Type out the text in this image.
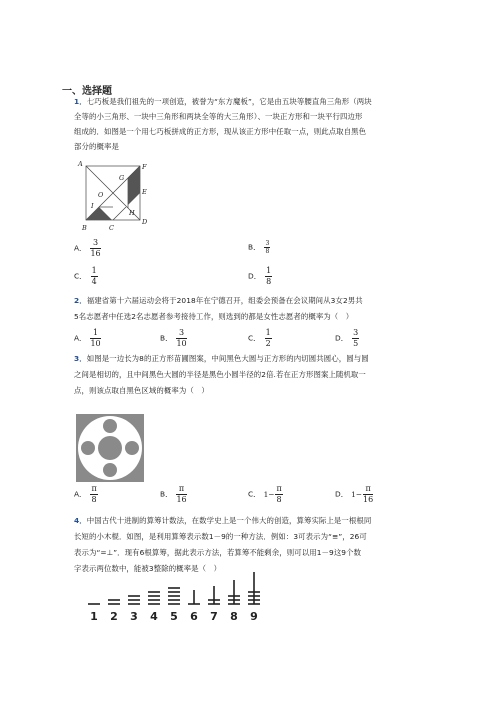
一、选择题
1．七巧板是我们祖先的一项创造，被誉为“东方魔板”，它是由五块等腰直角三角形（两块
全等的小三角形、一块中三角形和两块全等的大三角形）、一块正方形和一块平行四边形
组成的．如图是一个用七巧板拼成的正方形，现从该正方形中任取一点，则此点取自黑色
部分的概率是
A	F
G
E
O
I
H
B	C
D
A． $\frac{3}{16}$	B． $\frac{3}{8}$
C． $\frac{1}{4}$	D． $\frac{1}{8}$
2．福建省第十六届运动会将于2018年在宁德召开，组委会预备在会议期间从3女2男共
5名志愿者中任选2名志愿者参考接待工作，则选到的都是女性志愿者的概率为（　）
A． $\frac{1}{10}$	B． $\frac{3}{10}$	C． $\frac{1}{2}$	D． $\frac{3}{5}$
3．如图是一边长为8的正方形苗圃图案，中间黑色大圆与正方形的内切圆共圆心，圆与圆
之间是相切的，且中间黑色大圆的半径是黑色小圆半径的2倍.若在正方形图案上随机取一
点，则该点取自黑色区域的概率为（　）
A． $\frac{\pi}{8}$	B． $\frac{\pi}{16}$	C． $1- \frac{\pi}{8}$	D． $1- \frac{\pi}{16}$
4．中国古代十进制的算筹计数法，在数学史上是一个伟大的创造，算筹实际上是一根根同
长短的小木棍．如图，是利用算筹表示数1－9的一种方法．例如：3可表示为“≡”，26可
表示为“=⊥”．现有6根算筹，据此表示方法，若算筹不能剩余，则可以用1－9这9个数
字表示两位数中，能被3整除的概率是（　）
1 2 3 4 5 6 7 8 9
